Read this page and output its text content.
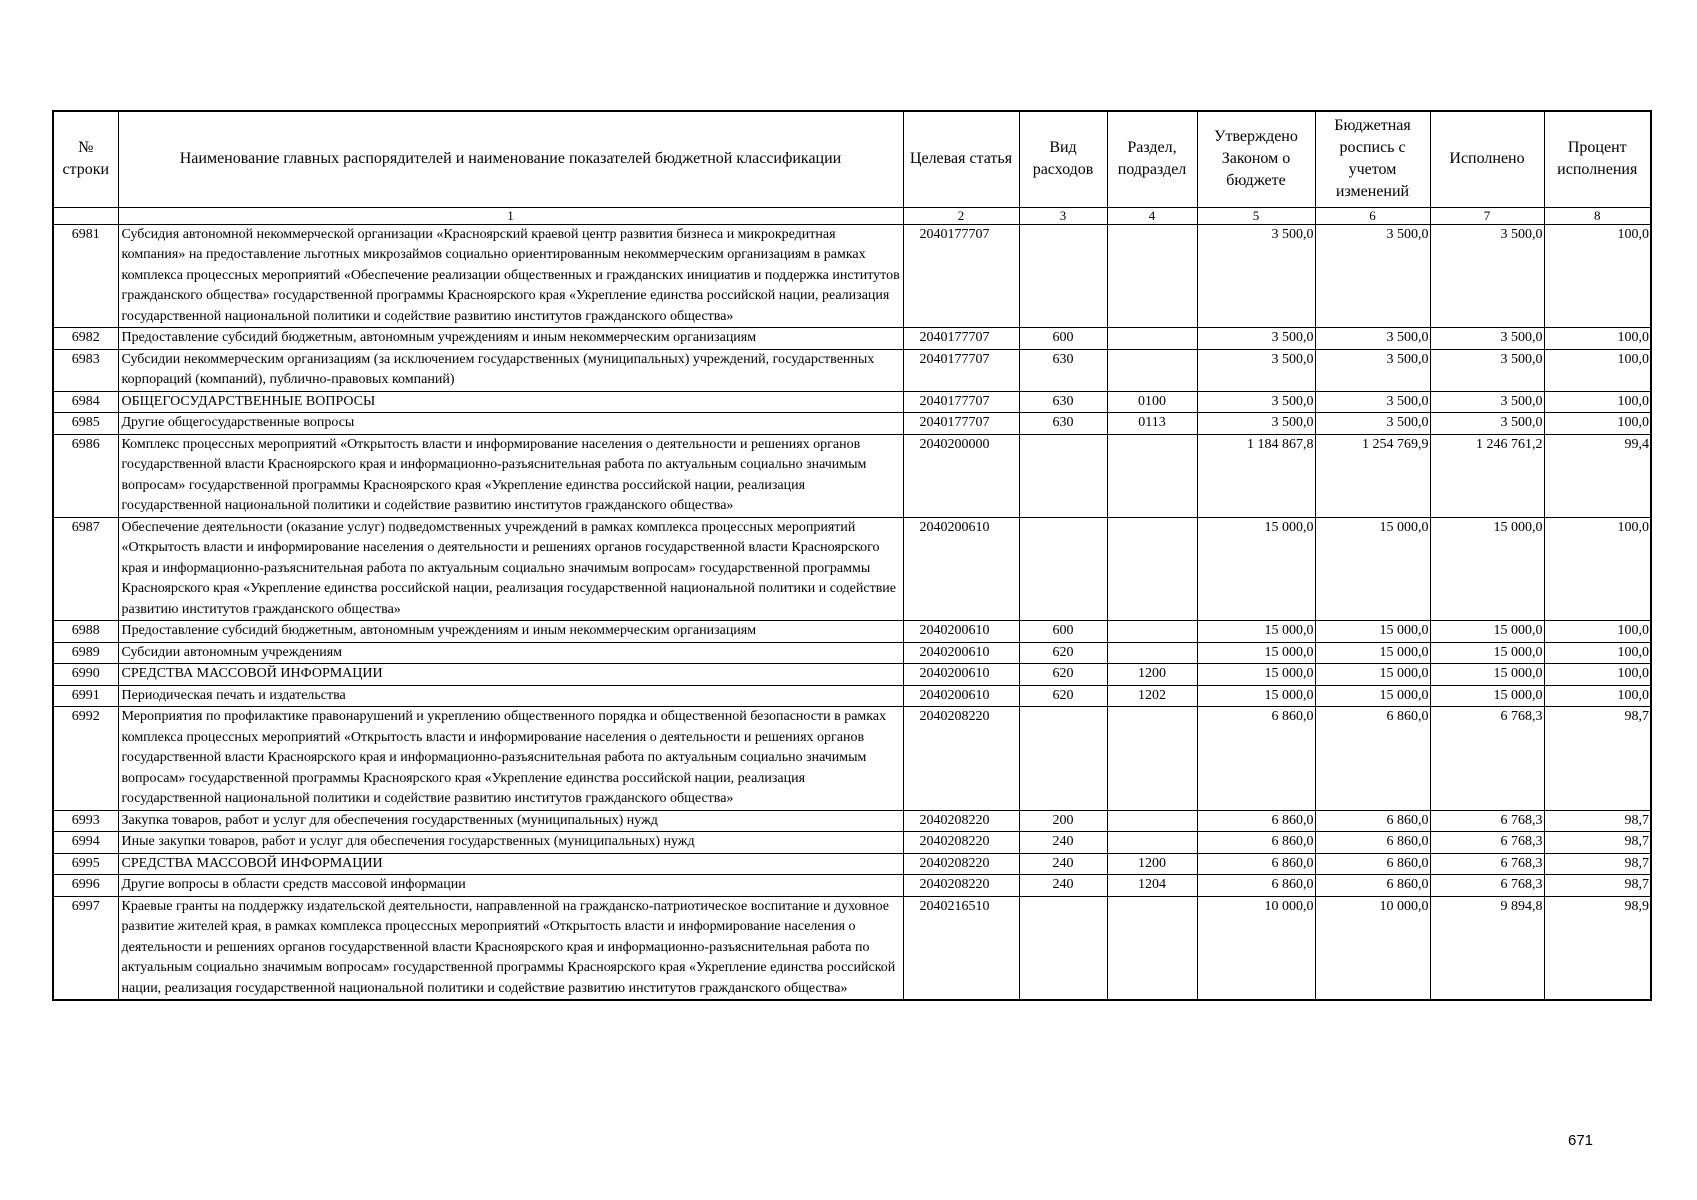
№ строки	Наименование главных распорядителей и наименование показателей бюджетной классификации	Целевая статья	Вид расходов	Раздел, подраздел	Утверждено Законом о бюджете	Бюджетная роспись с учетом изменений	Исполнено	Процент исполнения
	1	2	3	4	5	6	7	8
6981	Субсидия автономной некоммерческой организации «Красноярский краевой центр развития бизнеса и микрокредитная компания» на предоставление льготных микрозаймов социально ориентированным некоммерческим организациям в рамках комплекса процессных мероприятий «Обеспечение реализации общественных и гражданских инициатив и поддержка институтов гражданского общества» государственной программы Красноярского края «Укрепление единства российской нации, реализация государственной национальной политики и содействие развитию институтов гражданского общества»	2040177707			3 500,0	3 500,0	3 500,0	100,0
6982	Предоставление субсидий бюджетным, автономным учреждениям и иным некоммерческим организациям	2040177707	600		3 500,0	3 500,0	3 500,0	100,0
6983	Субсидии некоммерческим организациям (за исключением государственных (муниципальных) учреждений, государственных корпораций (компаний), публично-правовых компаний)	2040177707	630		3 500,0	3 500,0	3 500,0	100,0
6984	ОБЩЕГОСУДАРСТВЕННЫЕ ВОПРОСЫ	2040177707	630	0100	3 500,0	3 500,0	3 500,0	100,0
6985	Другие общегосударственные вопросы	2040177707	630	0113	3 500,0	3 500,0	3 500,0	100,0
6986	Комплекс процессных мероприятий «Открытость власти и информирование населения о деятельности и решениях органов государственной власти Красноярского края и информационно-разъяснительная работа по актуальным социально значимым вопросам» государственной программы Красноярского края «Укрепление единства российской нации, реализация государственной национальной политики и содействие развитию институтов гражданского общества»	2040200000			1 184 867,8	1 254 769,9	1 246 761,2	99,4
6987	Обеспечение деятельности (оказание услуг) подведомственных учреждений в рамках комплекса процессных мероприятий «Открытость власти и информирование населения о деятельности и решениях органов государственной власти Красноярского края и информационно-разъяснительная работа по актуальным социально значимым вопросам» государственной программы Красноярского края «Укрепление единства российской нации, реализация государственной национальной политики и содействие развитию институтов гражданского общества»	2040200610			15 000,0	15 000,0	15 000,0	100,0
6988	Предоставление субсидий бюджетным, автономным учреждениям и иным некоммерческим организациям	2040200610	600		15 000,0	15 000,0	15 000,0	100,0
6989	Субсидии автономным учреждениям	2040200610	620		15 000,0	15 000,0	15 000,0	100,0
6990	СРЕДСТВА МАССОВОЙ ИНФОРМАЦИИ	2040200610	620	1200	15 000,0	15 000,0	15 000,0	100,0
6991	Периодическая печать и издательства	2040200610	620	1202	15 000,0	15 000,0	15 000,0	100,0
6992	Мероприятия по профилактике правонарушений и укреплению общественного порядка и общественной безопасности в рамках комплекса процессных мероприятий «Открытость власти и информирование населения о деятельности и решениях органов государственной власти Красноярского края и информационно-разъяснительная работа по актуальным социально значимым вопросам» государственной программы Красноярского края «Укрепление единства российской нации, реализация государственной национальной политики и содействие развитию институтов гражданского общества»	2040208220			6 860,0	6 860,0	6 768,3	98,7
6993	Закупка товаров, работ и услуг для обеспечения государственных (муниципальных) нужд	2040208220	200		6 860,0	6 860,0	6 768,3	98,7
6994	Иные закупки товаров, работ и услуг для обеспечения государственных (муниципальных) нужд	2040208220	240		6 860,0	6 860,0	6 768,3	98,7
6995	СРЕДСТВА МАССОВОЙ ИНФОРМАЦИИ	2040208220	240	1200	6 860,0	6 860,0	6 768,3	98,7
6996	Другие вопросы в области средств массовой информации	2040208220	240	1204	6 860,0	6 860,0	6 768,3	98,7
6997	Краевые гранты на поддержку издательской деятельности, направленной на гражданско-патриотическое воспитание и духовное развитие жителей края, в рамках комплекса процессных мероприятий «Открытость власти и информирование населения о деятельности и решениях органов государственной власти Красноярского края и информационно-разъяснительная работа по актуальным социально значимым вопросам» государственной программы Красноярского края «Укрепление единства российской нации, реализация государственной национальной политики и содействие развитию институтов гражданского общества»	2040216510			10 000,0	10 000,0	9 894,8	98,9
671
